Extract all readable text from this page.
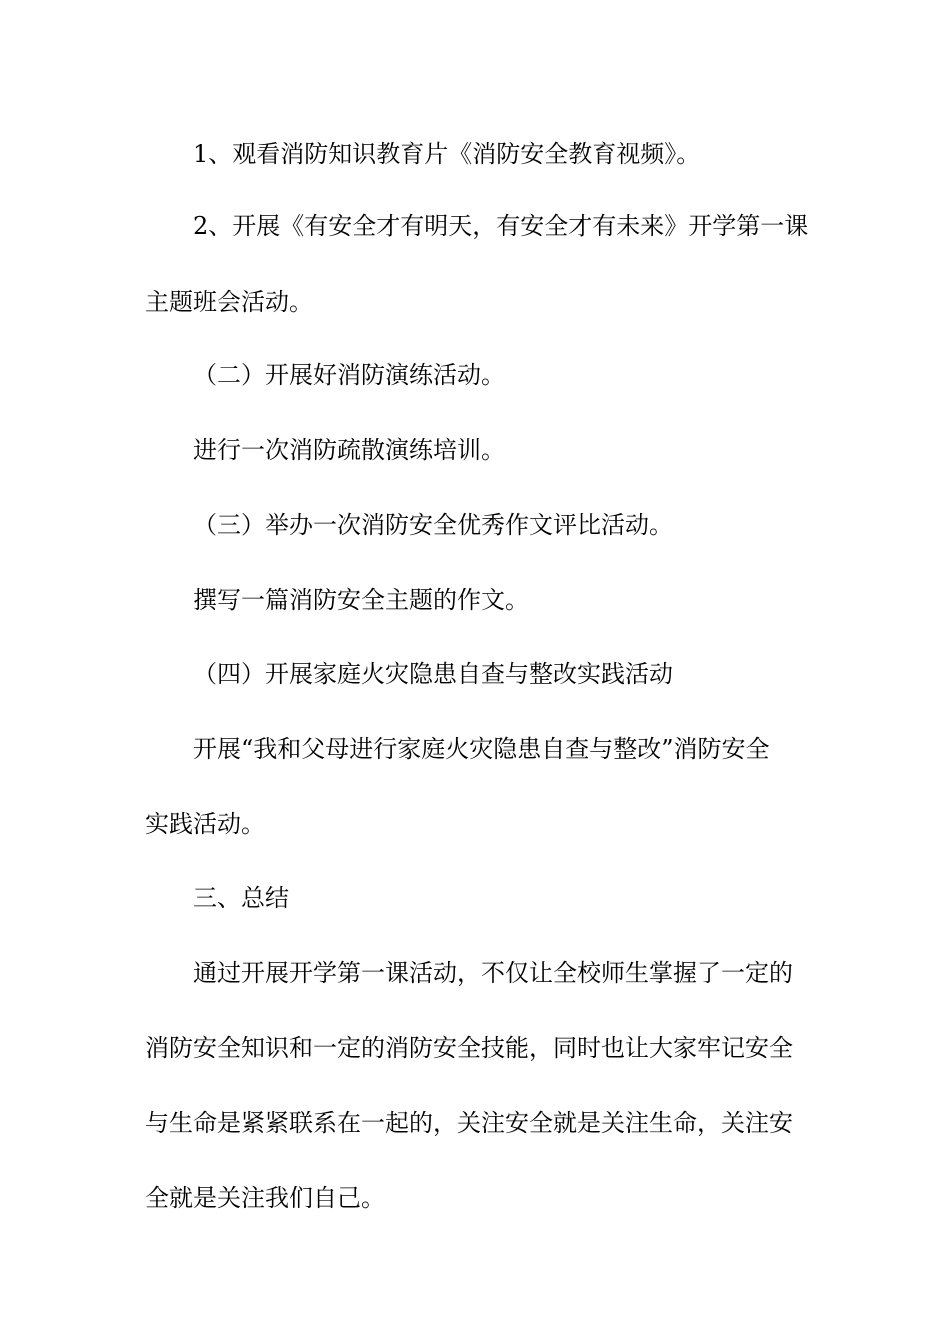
1、观看消防知识教育片《消防安全教育视频》。
2、开展《有安全才有明天，有安全才有未来》开学第一课
主题班会活动。
（二）开展好消防演练活动。
进行一次消防疏散演练培训。
（三）举办一次消防安全优秀作文评比活动。
撰写一篇消防安全主题的作文。
（四）开展家庭火灾隐患自查与整改实践活动
开展“我和父母进行家庭火灾隐患自查与整改”消防安全
实践活动。
三、总结
通过开展开学第一课活动，不仅让全校师生掌握了一定的
消防安全知识和一定的消防安全技能，同时也让大家牢记安全
与生命是紧紧联系在一起的，关注安全就是关注生命，关注安
全就是关注我们自己。
